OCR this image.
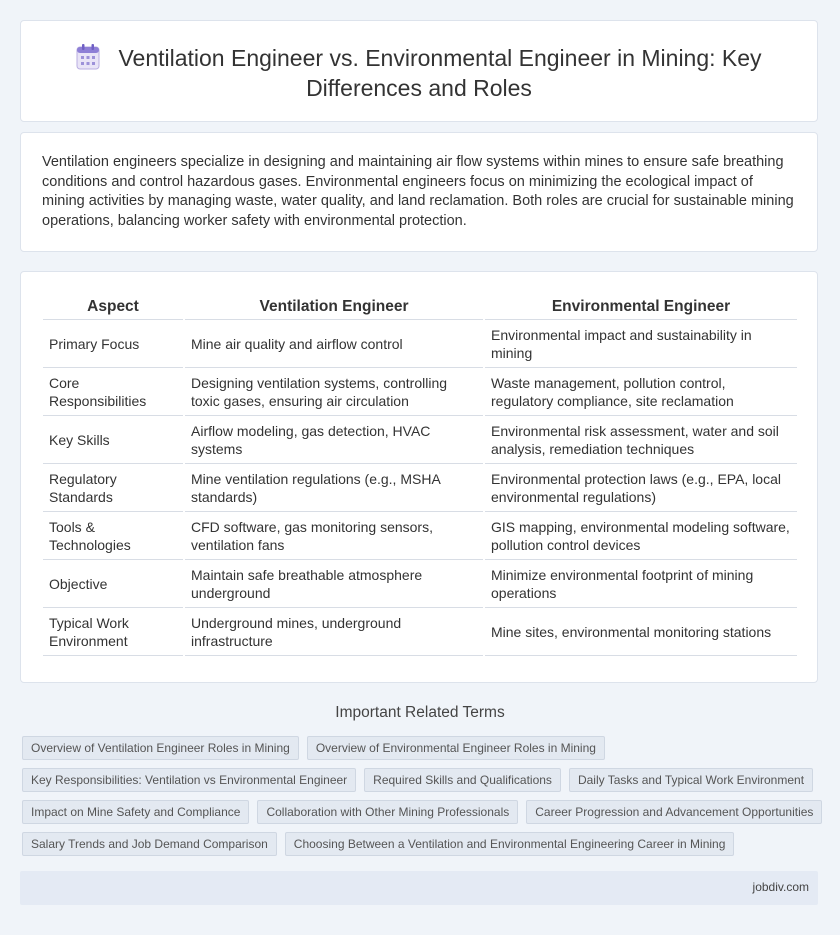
Ventilation Engineer vs. Environmental Engineer in Mining: Key Differences and Roles
Ventilation engineers specialize in designing and maintaining air flow systems within mines to ensure safe breathing conditions and control hazardous gases. Environmental engineers focus on minimizing the ecological impact of mining activities by managing waste, water quality, and land reclamation. Both roles are crucial for sustainable mining operations, balancing worker safety with environmental protection.
Aspect	Ventilation Engineer	Environmental Engineer
Primary Focus	Mine air quality and airflow control	Environmental impact and sustainability in mining
Core Responsibilities	Designing ventilation systems, controlling toxic gases, ensuring air circulation	Waste management, pollution control, regulatory compliance, site reclamation
Key Skills	Airflow modeling, gas detection, HVAC systems	Environmental risk assessment, water and soil analysis, remediation techniques
Regulatory Standards	Mine ventilation regulations (e.g., MSHA standards)	Environmental protection laws (e.g., EPA, local environmental regulations)
Tools & Technologies	CFD software, gas monitoring sensors, ventilation fans	GIS mapping, environmental modeling software, pollution control devices
Objective	Maintain safe breathable atmosphere underground	Minimize environmental footprint of mining operations
Typical Work Environment	Underground mines, underground infrastructure	Mine sites, environmental monitoring stations
Important Related Terms
Overview of Ventilation Engineer Roles in Mining	Overview of Environmental Engineer Roles in Mining
Key Responsibilities: Ventilation vs Environmental Engineer	Required Skills and Qualifications	Daily Tasks and Typical Work Environment
Impact on Mine Safety and Compliance	Collaboration with Other Mining Professionals	Career Progression and Advancement Opportunities
Salary Trends and Job Demand Comparison	Choosing Between a Ventilation and Environmental Engineering Career in Mining
jobdiv.com
